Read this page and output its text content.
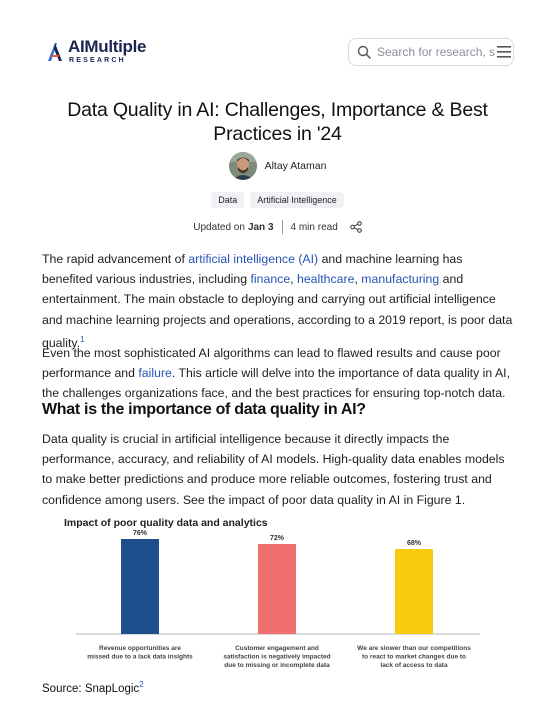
AIMultiple
RESEARCH
Search for research, s
Data Quality in AI: Challenges, Importance & Best Practices in '24
Altay Ataman
Data	Artificial Intelligence
Updated on Jan 3 4 min read

The rapid advancement of artificial intelligence (AI) and machine learning has benefited various industries, including finance, healthcare, manufacturing and entertainment. The main obstacle to deploying and carrying out artificial intelligence and machine learning projects and operations, according to a 2019 report, is poor data quality.$^1$

Even the most sophisticated AI algorithms can lead to flawed results and cause poor performance and failure. This article will delve into the importance of data quality in AI, the challenges organizations face, and the best practices for ensuring top-notch data.

What is the importance of data quality in AI?

Data quality is crucial in artificial intelligence because it directly impacts the performance, accuracy, and reliability of AI models. High-quality data enables models to make better predictions and produce more reliable outcomes, fostering trust and confidence among users. See the impact of poor data quality in AI in Figure 1.

76%
Revenue opportunities are
missed due to a lack data insights
72%
Customer engagement and
satisfaction is negatively impacted
due to missing or incomplete data
68%
We are slower than our competitions
to react to market changes due to
lack of access to data
Impact of poor quality data and analytics
Source: SnapLogic$^2$
